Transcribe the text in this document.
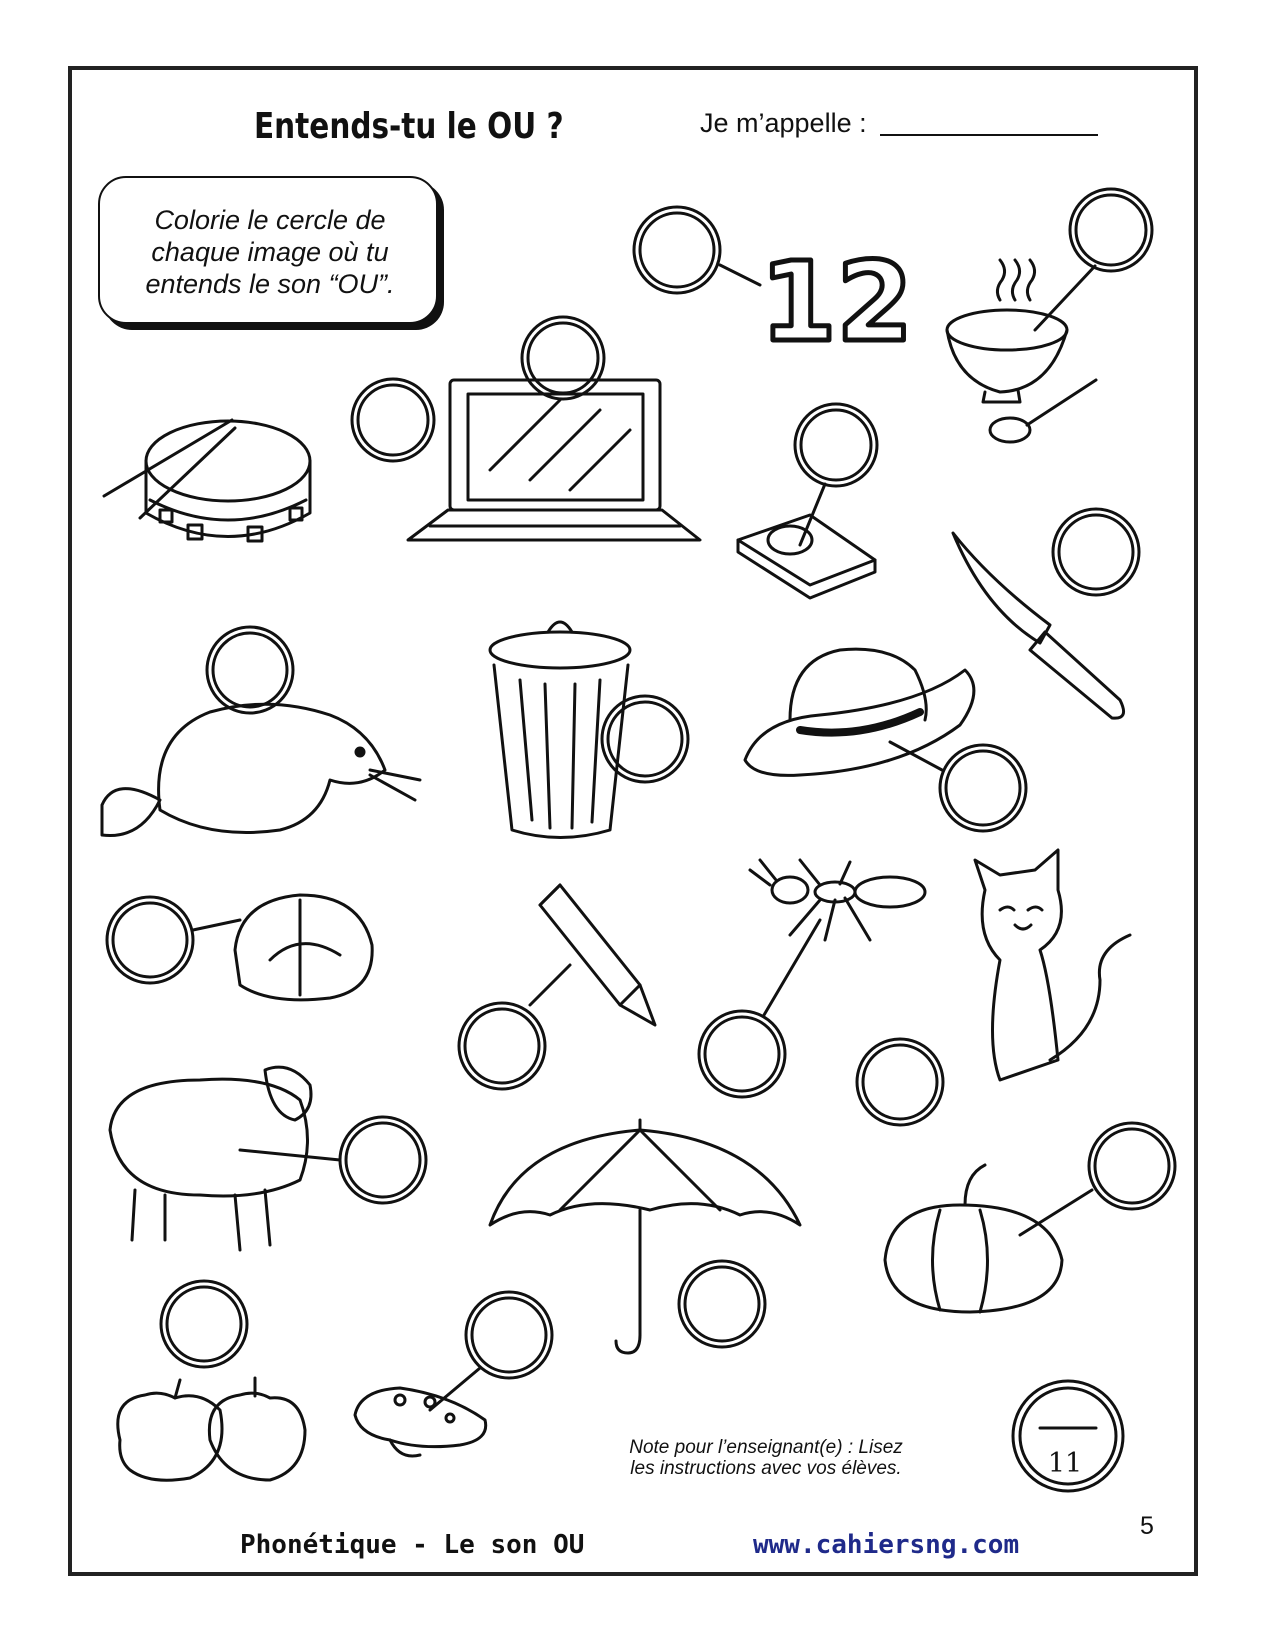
Entends-tu le OU ?	Je m’appelle :
Colorie le cercle de
chaque image où tu
entends le son “OU”.	12
Note pour l’enseignant(e) : Lisez
les instructions avec vos élèves.	11
Phonétique - Le son OU	www.cahiersng.com
5
